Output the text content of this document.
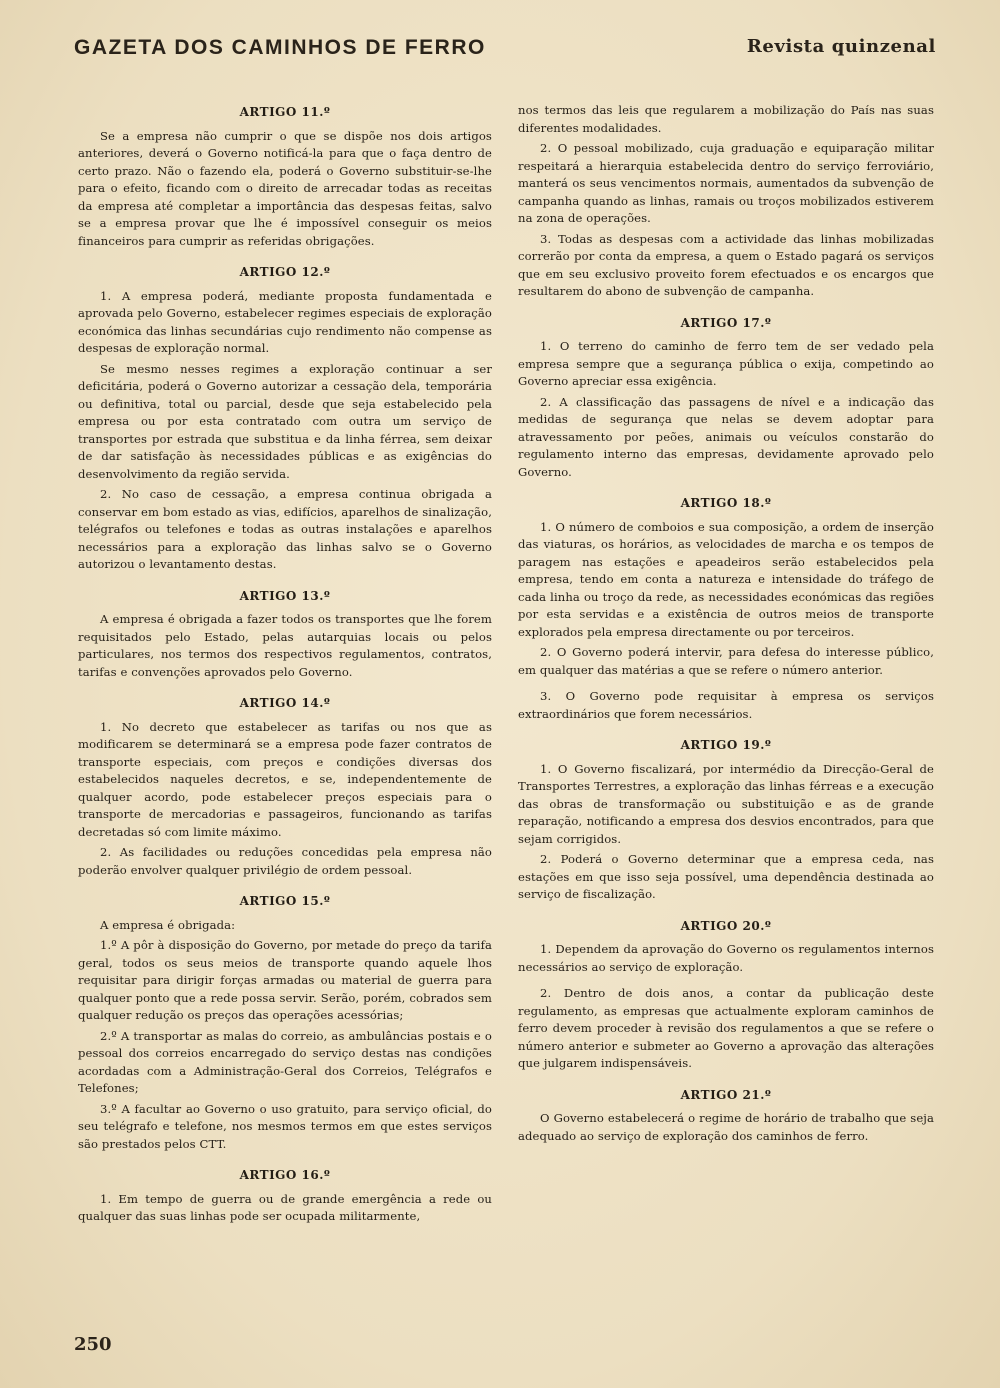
GAZETA DOS CAMINHOS DE FERRO	Revista quinzenal
ARTIGO 11.º

Se a empresa não cumprir o que se dispõe nos dois artigos anteriores, deverá o Governo notificá-la para que o faça dentro de certo prazo. Não o fazendo ela, poderá o Governo substituir-se-lhe para o efeito, ficando com o direito de arrecadar todas as receitas da empresa até completar a importância das despesas feitas, salvo se a empresa provar que lhe é impossível conseguir os meios financeiros para cumprir as referidas obrigações.

ARTIGO 12.º

1. A empresa poderá, mediante proposta fundamentada e aprovada pelo Governo, estabelecer regimes especiais de exploração económica das linhas secundárias cujo rendimento não compense as despesas de exploração normal.

Se mesmo nesses regimes a exploração continuar a ser deficitária, poderá o Governo autorizar a cessação dela, temporária ou definitiva, total ou parcial, desde que seja estabelecido pela empresa ou por esta contratado com outra um serviço de transportes por estrada que substitua e da linha férrea, sem deixar de dar satisfação às necessidades públicas e as exigências do desenvolvimento da região servida.

2. No caso de cessação, a empresa continua obrigada a conservar em bom estado as vias, edifícios, aparelhos de sinalização, telégrafos ou telefones e todas as outras instalações e aparelhos necessários para a exploração das linhas salvo se o Governo autorizou o levantamento destas.

ARTIGO 13.º

A empresa é obrigada a fazer todos os transportes que lhe forem requisitados pelo Estado, pelas autarquias locais ou pelos particulares, nos termos dos respectivos regulamentos, contratos, tarifas e convenções aprovados pelo Governo.

ARTIGO 14.º

1. No decreto que estabelecer as tarifas ou nos que as modificarem se determinará se a empresa pode fazer contratos de transporte especiais, com preços e condições diversas dos estabelecidos naqueles decretos, e se, independentemente de qualquer acordo, pode estabelecer preços especiais para o transporte de mercadorias e passageiros, funcionando as tarifas decretadas só com limite máximo.

2. As facilidades ou reduções concedidas pela empresa não poderão envolver qualquer privilégio de ordem pessoal.

ARTIGO 15.º

A empresa é obrigada:

1.º A pôr à disposição do Governo, por metade do preço da tarifa geral, todos os seus meios de transporte quando aquele lhos requisitar para dirigir forças armadas ou material de guerra para qualquer ponto que a rede possa servir. Serão, porém, cobrados sem qualquer redução os preços das operações acessórias;

2.º A transportar as malas do correio, as ambulâncias postais e o pessoal dos correios encarregado do serviço destas nas condições acordadas com a Administração-Geral dos Correios, Telégrafos e Telefones;

3.º A facultar ao Governo o uso gratuito, para serviço oficial, do seu telégrafo e telefone, nos mesmos termos em que estes serviços são prestados pelos CTT.

ARTIGO 16.º

1. Em tempo de guerra ou de grande emergência a rede ou qualquer das suas linhas pode ser ocupada militarmente,

nos termos das leis que regularem a mobilização do País nas suas diferentes modalidades.

2. O pessoal mobilizado, cuja graduação e equiparação militar respeitará a hierarquia estabelecida dentro do serviço ferroviário, manterá os seus vencimentos normais, aumentados da subvenção de campanha quando as linhas, ramais ou troços mobilizados estiverem na zona de operações.

3. Todas as despesas com a actividade das linhas mobilizadas correrão por conta da empresa, a quem o Estado pagará os serviços que em seu exclusivo proveito forem efectuados e os encargos que resultarem do abono de subvenção de campanha.

ARTIGO 17.º

1. O terreno do caminho de ferro tem de ser vedado pela empresa sempre que a segurança pública o exija, competindo ao Governo apreciar essa exigência.

2. A classificação das passagens de nível e a indicação das medidas de segurança que nelas se devem adoptar para atravessamento por peões, animais ou veículos constarão do regulamento interno das empresas, devidamente aprovado pelo Governo.

ARTIGO 18.º

1. O número de comboios e sua composição, a ordem de inserção das viaturas, os horários, as velocidades de marcha e os tempos de paragem nas estações e apeadeiros serão estabelecidos pela empresa, tendo em conta a natureza e intensidade do tráfego de cada linha ou troço da rede, as necessidades económicas das regiões por esta servidas e a existência de outros meios de transporte explorados pela empresa directamente ou por terceiros.

2. O Governo poderá intervir, para defesa do interesse público, em qualquer das matérias a que se refere o número anterior.

3. O Governo pode requisitar à empresa os serviços extraordinários que forem necessários.

ARTIGO 19.º

1. O Governo fiscalizará, por intermédio da Direcção-Geral de Transportes Terrestres, a exploração das linhas férreas e a execução das obras de transformação ou substituição e as de grande reparação, notificando a empresa dos desvios encontrados, para que sejam corrigidos.

2. Poderá o Governo determinar que a empresa ceda, nas estações em que isso seja possível, uma dependência destinada ao serviço de fiscalização.

ARTIGO 20.º

1. Dependem da aprovação do Governo os regulamentos internos necessários ao serviço de exploração.

2. Dentro de dois anos, a contar da publicação deste regulamento, as empresas que actualmente exploram caminhos de ferro devem proceder à revisão dos regulamentos a que se refere o número anterior e submeter ao Governo a aprovação das alterações que julgarem indispensáveis.

ARTIGO 21.º

O Governo estabelecerá o regime de horário de trabalho que seja adequado ao serviço de exploração dos caminhos de ferro.

250
